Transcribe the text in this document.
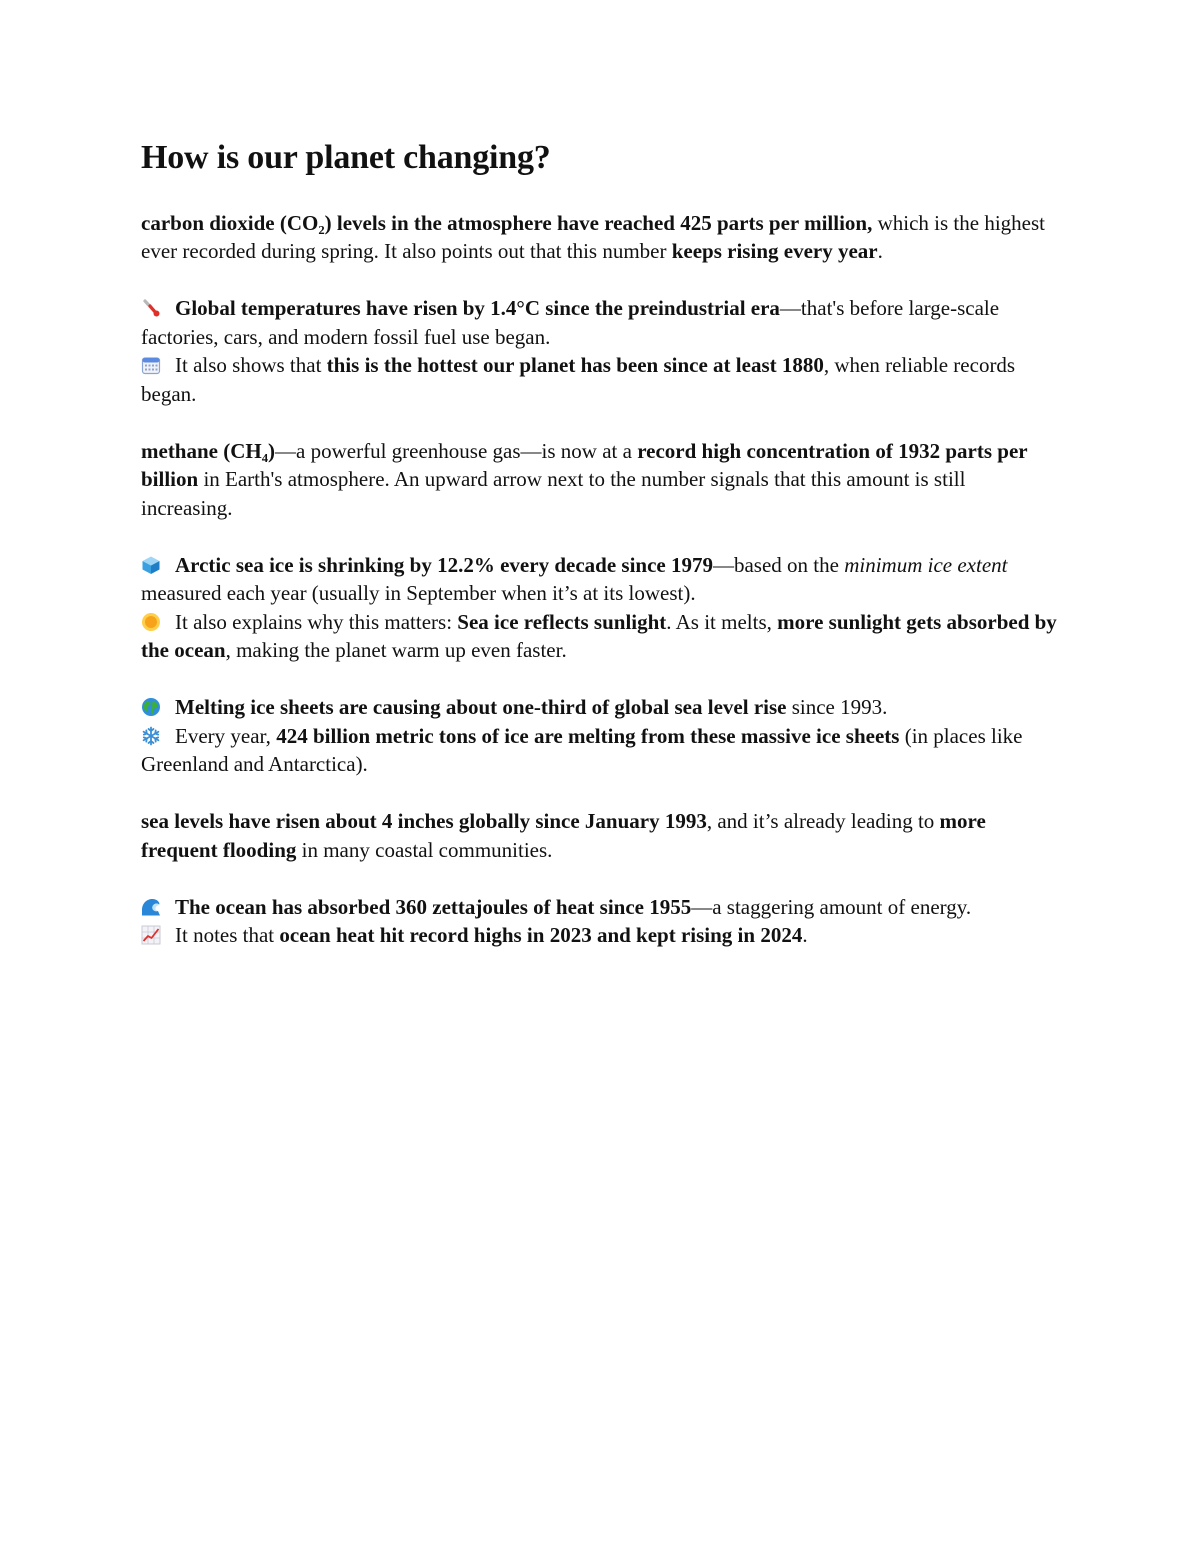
How is our planet changing?

carbon dioxide (CO₂) levels in the atmosphere have reached 425 parts per million, which is the highest ever recorded during spring. It also points out that this number keeps rising every year.

Global temperatures have risen by 1.4°C since the preindustrial era—that's before large-scale factories, cars, and modern fossil fuel use began.

It also shows that this is the hottest our planet has been since at least 1880, when reliable records began.

methane (CH₄)—a powerful greenhouse gas—is now at a record high concentration of 1932 parts per billion in Earth's atmosphere. An upward arrow next to the number signals that this amount is still increasing.

Arctic sea ice is shrinking by 12.2% every decade since 1979—based on the minimum ice extent measured each year (usually in September when it’s at its lowest).

It also explains why this matters: Sea ice reflects sunlight. As it melts, more sunlight gets absorbed by the ocean, making the planet warm up even faster.

Melting ice sheets are causing about one-third of global sea level rise since 1993.

Every year, 424 billion metric tons of ice are melting from these massive ice sheets (in places like Greenland and Antarctica).

sea levels have risen about 4 inches globally since January 1993, and it’s already leading to more frequent flooding in many coastal communities.

The ocean has absorbed 360 zettajoules of heat since 1955—a staggering amount of energy.

It notes that ocean heat hit record highs in 2023 and kept rising in 2024.
